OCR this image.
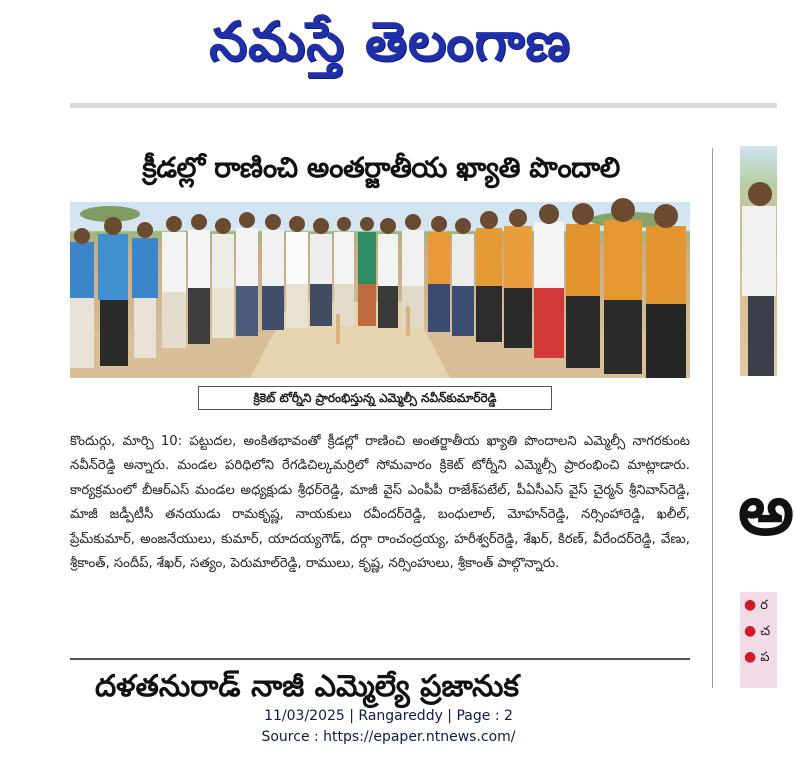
నమస్తే తెలంగాణ
క్రీడల్లో రాణించి అంతర్జాతీయ ఖ్యాతి పొందాలి
క్రికెట్ టోర్నీని ప్రారంభిస్తున్న ఎమ్మెల్సీ నవీన్‌కుమార్‌రెడ్డి

కొందుర్గు, మార్చి 10: పట్టుదల, అంకితభావంతో క్రీడల్లో రాణించి అంతర్జాతీయ ఖ్యాతి పొందాలని ఎమ్మెల్సీ నాగరకుంట నవీన్‌రెడ్డి అన్నారు. మండల పరిధిలోని రేగడిచిల్కమర్రిలో సోమవారం క్రికెట్ టోర్నీని ఎమ్మెల్సీ ప్రారంభించి మాట్లాడారు. కార్యక్రమంలో బీఆర్‌ఎస్ మండల అధ్యక్షుడు శ్రీధర్‌రెడ్డి, మాజీ వైస్ ఎంపీపీ రాజేశ్‌పటేల్, పీఏసీఎస్ వైస్ చైర్మన్ శ్రీనివాస్‌రెడ్డి, మాజీ జడ్పీటీసీ తనయుడు రామకృష్ణ, నాయకులు రవీందర్‌రెడ్డి, బంధులాల్, మోహన్‌రెడ్డి, నర్సింహారెడ్డి, ఖలీల్, ప్రేమ్‌కుమార్, అంజనేయులు, కుమార్, యాదయ్యగౌడ్, దర్గా రాంచంద్రయ్య, హరీశ్వర్‌రెడ్డి, శేఖర్, కిరణ్, వీరేందర్‌రెడ్డి, వేణు, శ్రీకాంత్, సందీప్, శేఖర్, సత్యం, పెరుమాల్‌రెడ్డి, రాములు, కృష్ణ, నర్సింహులు, శ్రీకాంత్ పాల్గొన్నారు.

దళతనురాడ్ నాజీ ఎమ్మెల్యే ప్రజానుక
అ
● ర
● చ
● ప
11/03/2025 | Rangareddy | Page : 2
Source : https://epaper.ntnews.com/
